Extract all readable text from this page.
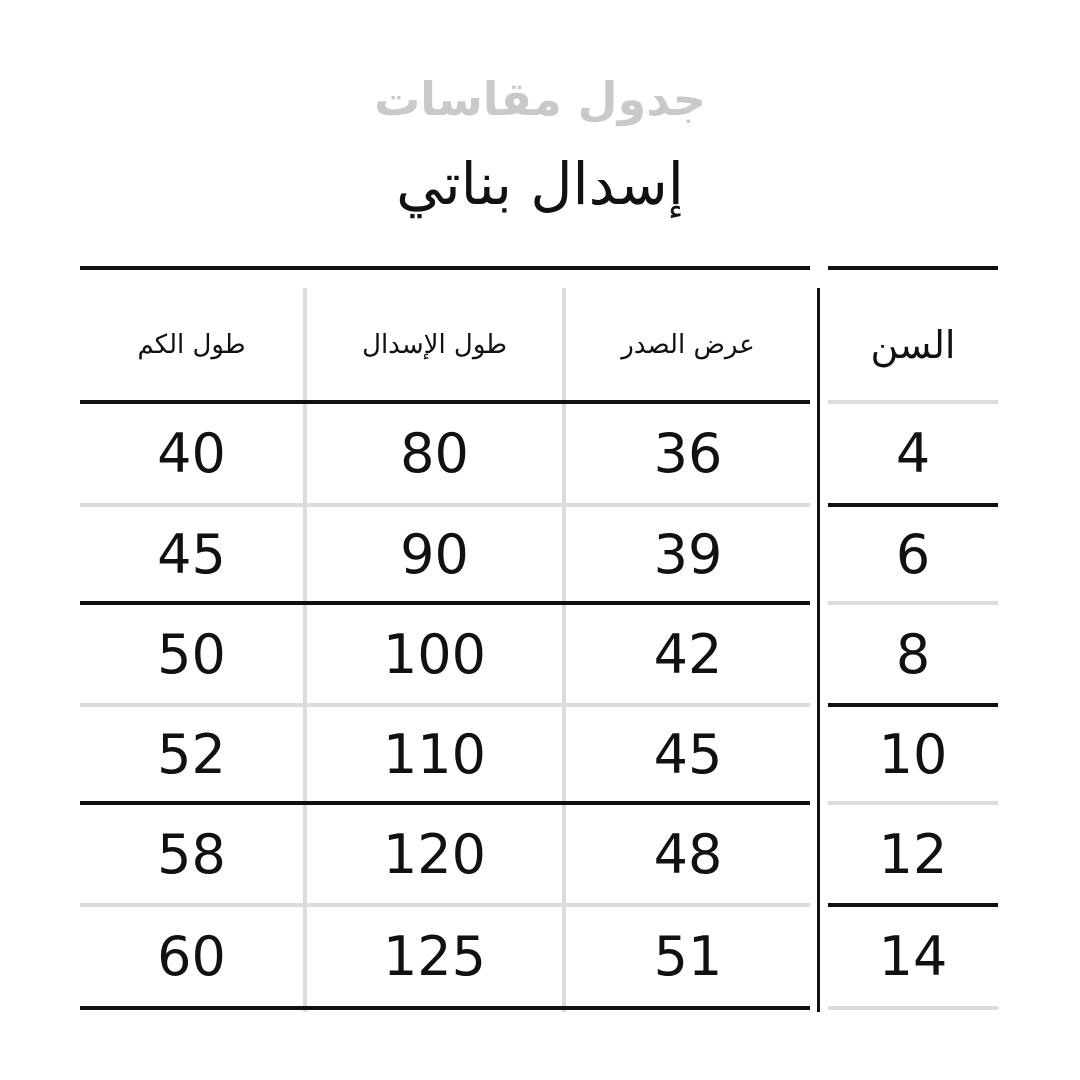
جدول مقاسات
إسدال بناتي
طول الكم	طول الإسدال	عرض الصدر	السن
40	80	36	4
45	90	39	6
50	100	42	8
52	110	45	10
58	120	48	12
60	125	51	14
